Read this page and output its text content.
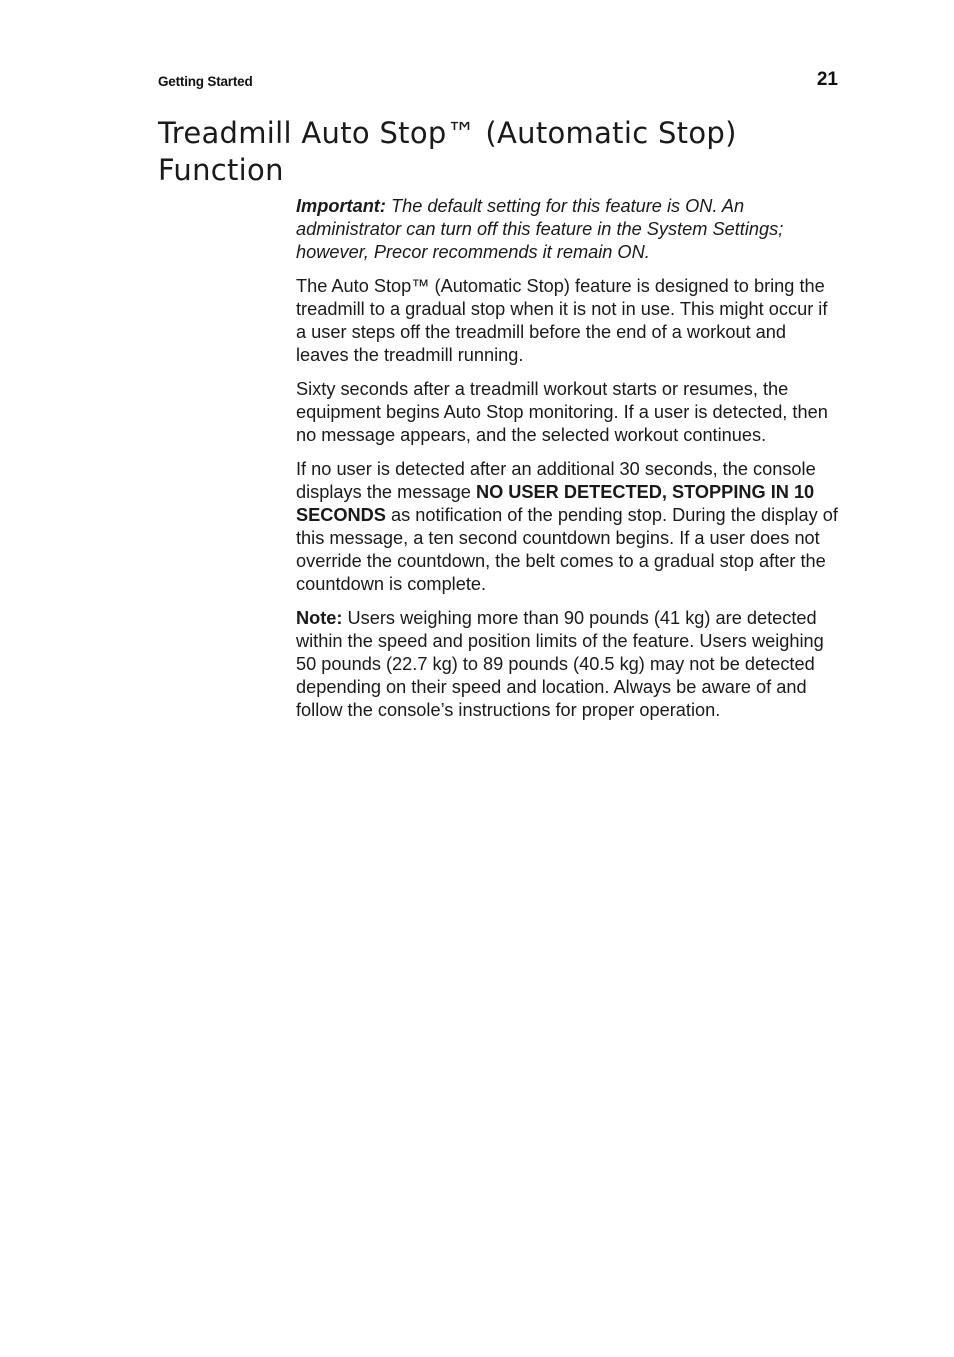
Getting Started	21
Treadmill Auto Stop™ (Automatic Stop) Function

Important: The default setting for this feature is ON. An administrator can turn off this feature in the System Settings; however, Precor recommends it remain ON.

The Auto Stop™ (Automatic Stop) feature is designed to bring the treadmill to a gradual stop when it is not in use. This might occur if a user steps off the treadmill before the end of a workout and leaves the treadmill running.

Sixty seconds after a treadmill workout starts or resumes, the equipment begins Auto Stop monitoring. If a user is detected, then no message appears, and the selected workout continues.

If no user is detected after an additional 30 seconds, the console displays the message NO USER DETECTED, STOPPING IN 10 SECONDS as notification of the pending stop. During the display of this message, a ten second countdown begins. If a user does not override the countdown, the belt comes to a gradual stop after the countdown is complete.

Note: Users weighing more than 90 pounds (41 kg) are detected within the speed and position limits of the feature. Users weighing 50 pounds (22.7 kg) to 89 pounds (40.5 kg) may not be detected depending on their speed and location. Always be aware of and follow the console’s instructions for proper operation.
